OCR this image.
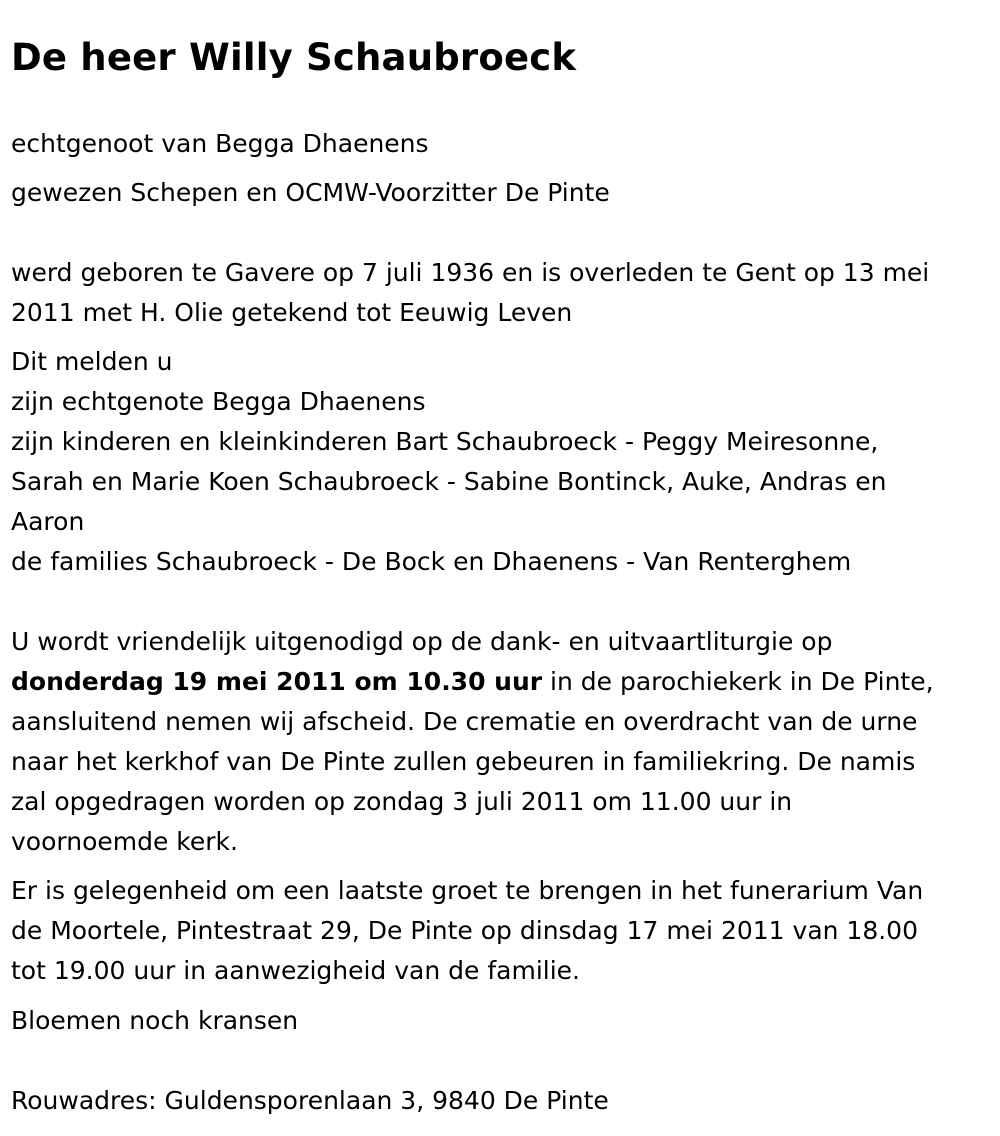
De heer Willy Schaubroeck

echtgenoot van Begga Dhaenens

gewezen Schepen en OCMW-Voorzitter De Pinte

werd geboren te Gavere op 7 juli 1936 en is overleden te Gent op 13 mei

2011 met H. Olie getekend tot Eeuwig Leven

Dit melden u

zijn echtgenote Begga Dhaenens

zijn kinderen en kleinkinderen Bart Schaubroeck - Peggy Meiresonne,

Sarah en Marie Koen Schaubroeck - Sabine Bontinck, Auke, Andras en

Aaron

de families Schaubroeck - De Bock en Dhaenens - Van Renterghem

U wordt vriendelijk uitgenodigd op de dank- en uitvaartliturgie op

donderdag 19 mei 2011 om 10.30 uur in de parochiekerk in De Pinte,

aansluitend nemen wij afscheid. De crematie en overdracht van de urne

naar het kerkhof van De Pinte zullen gebeuren in familiekring. De namis

zal opgedragen worden op zondag 3 juli 2011 om 11.00 uur in

voornoemde kerk.

Er is gelegenheid om een laatste groet te brengen in het funerarium Van

de Moortele, Pintestraat 29, De Pinte op dinsdag 17 mei 2011 van 18.00

tot 19.00 uur in aanwezigheid van de familie.

Bloemen noch kransen

Rouwadres: Guldensporenlaan 3, 9840 De Pinte
